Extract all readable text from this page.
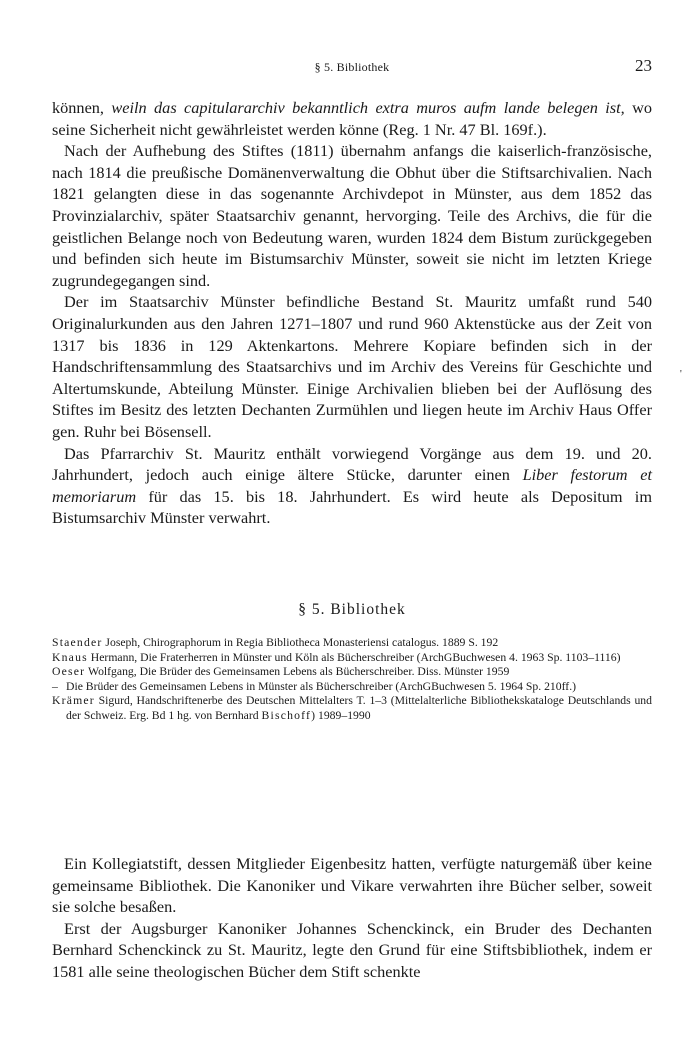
§ 5. Bibliothek	23

können, weiln das capitulararchiv bekanntlich extra muros aufm lande belegen ist, wo seine Sicherheit nicht gewährleistet werden könne (Reg. 1 Nr. 47 Bl. 169f.).

Nach der Aufhebung des Stiftes (1811) übernahm anfangs die kaiserlich-französische, nach 1814 die preußische Domänenverwaltung die Obhut über die Stiftsarchivalien. Nach 1821 gelangten diese in das sogenannte Archivdepot in Münster, aus dem 1852 das Provinzialarchiv, später Staatsarchiv genannt, hervorging. Teile des Archivs, die für die geistlichen Belange noch von Bedeutung waren, wurden 1824 dem Bistum zurückgegeben und befinden sich heute im Bistumsarchiv Münster, soweit sie nicht im letzten Kriege zugrundegegangen sind.

Der im Staatsarchiv Münster befindliche Bestand St. Mauritz umfaßt rund 540 Originalurkunden aus den Jahren 1271–1807 und rund 960 Aktenstücke aus der Zeit von 1317 bis 1836 in 129 Aktenkartons. Mehrere Kopiare befinden sich in der Handschriftensammlung des Staatsarchivs und im Archiv des Vereins für Geschichte und Altertumskunde, Abteilung Münster. Einige Archivalien blieben bei der Auflösung des Stiftes im Besitz des letzten Dechanten Zurmühlen und liegen heute im Archiv Haus Offer gen. Ruhr bei Bösensell.

Das Pfarrarchiv St. Mauritz enthält vorwiegend Vorgänge aus dem 19. und 20. Jahrhundert, jedoch auch einige ältere Stücke, darunter einen Liber festorum et memoriarum für das 15. bis 18. Jahrhundert. Es wird heute als Depositum im Bistumsarchiv Münster verwahrt.

'
§ 5. Bibliothek

Staender Joseph, Chirographorum in Regia Bibliotheca Monasteriensi catalogus. 1889 S. 192

Knaus Hermann, Die Fraterherren in Münster und Köln als Bücherschreiber (ArchGBuchwesen 4. 1963 Sp. 1103–1116)

Oeser Wolfgang, Die Brüder des Gemeinsamen Lebens als Bücherschreiber. Diss. Münster 1959

– Die Brüder des Gemeinsamen Lebens in Münster als Bücherschreiber (ArchGBuchwesen 5. 1964 Sp. 210ff.)

Krämer Sigurd, Handschriftenerbe des Deutschen Mittelalters T. 1–3 (Mittelalterliche Bibliothekskataloge Deutschlands und der Schweiz. Erg. Bd 1 hg. von Bernhard Bischoff) 1989–1990

Ein Kollegiatstift, dessen Mitglieder Eigenbesitz hatten, verfügte naturgemäß über keine gemeinsame Bibliothek. Die Kanoniker und Vikare verwahrten ihre Bücher selber, soweit sie solche besaßen.

Erst der Augsburger Kanoniker Johannes Schenckinck, ein Bruder des Dechanten Bernhard Schenckinck zu St. Mauritz, legte den Grund für eine Stiftsbibliothek, indem er 1581 alle seine theologischen Bücher dem Stift schenkte
